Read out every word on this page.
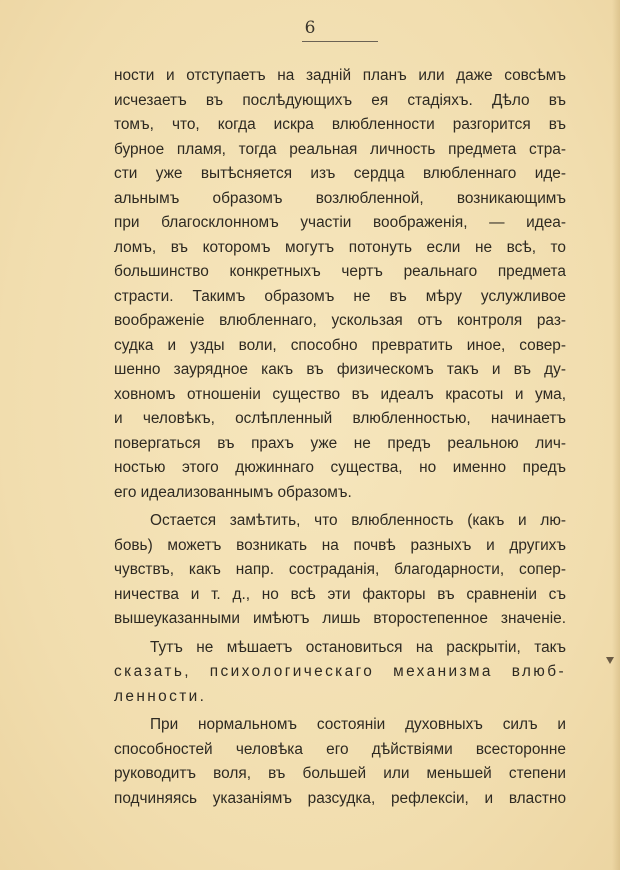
6
ности и отступаетъ на заднiй планъ или даже совсѣмъ
исчезаетъ въ послѣдующихъ ея стадiяхъ. Дѣло въ
томъ, что, когда искра влюбленности разгорится въ
бурное пламя, тогда реальная личность предмета стра-
сти уже вытѣсняется изъ сердца влюбленнаго иде-
альнымъ образомъ возлюбленной, возникающимъ
при благосклонномъ участiи воображенiя, — идеа-
ломъ, въ которомъ могутъ потонуть если не всѣ, то
большинство конкретныхъ чертъ реальнаго предмета
страсти. Такимъ образомъ не въ мѣру услужливое
воображенiе влюбленнаго, ускользая отъ контроля раз-
судка и узды воли, способно превратить иное, совер-
шенно заурядное какъ въ физическомъ такъ и въ ду-
ховномъ отношенiи существо въ идеалъ красоты и ума,
и человѣкъ, ослѣпленный влюбленностью, начинаетъ
повергаться въ прахъ уже не предъ реальною лич-
ностью этого дюжиннаго существа, но именно предъ
его идеализованнымъ образомъ.
Остается замѣтить, что влюбленность (какъ и лю-
бовь) можетъ возникать на почвѣ разныхъ и другихъ
чувствъ, какъ напр. состраданiя, благодарности, сопер-
ничества и т. д., но всѣ эти факторы въ сравненiи съ
вышеуказанными имѣютъ лишь второстепенное значенiе.
Тутъ не мѣшаетъ остановиться на раскрытiи, такъ
сказать, психологическаго механизма влюб-
ленности.
При нормальномъ состоянiи духовныхъ силъ и
способностей человѣка его дѣйствiями всесторонне
руководитъ воля, въ большей или меньшей степени
подчиняясь указанiямъ разсудка, рефлексiи, и властно
